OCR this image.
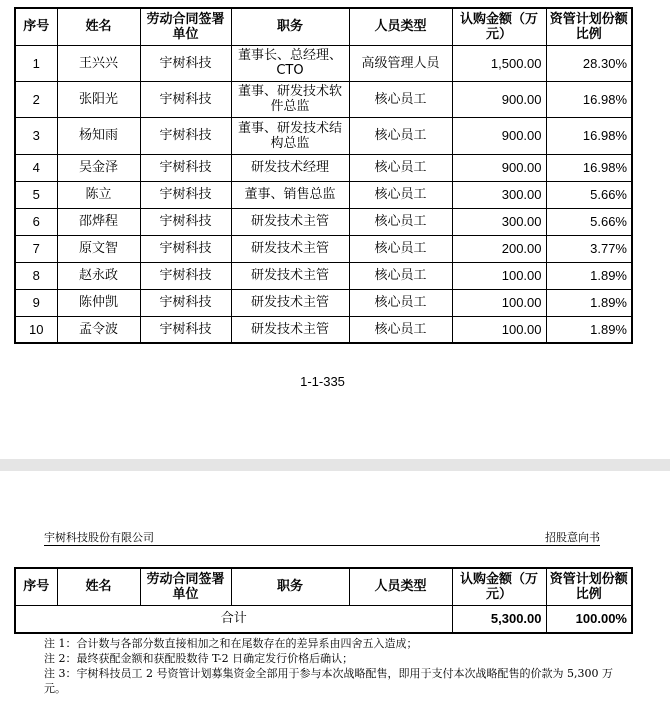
序号	姓名	劳动合同签署单位	职务	人员类型	认购金额（万元）	资管计划份额比例
1	王兴兴	宇树科技	董事长、总经理、CTO	高级管理人员	1,500.00	28.30%
2	张阳光	宇树科技	董事、研发技术软件总监	核心员工	900.00	16.98%
3	杨知雨	宇树科技	董事、研发技术结构总监	核心员工	900.00	16.98%
4	吴金泽	宇树科技	研发技术经理	核心员工	900.00	16.98%
5	陈立	宇树科技	董事、销售总监	核心员工	300.00	5.66%
6	邵烨程	宇树科技	研发技术主管	核心员工	300.00	5.66%
7	原文智	宇树科技	研发技术主管	核心员工	200.00	3.77%
8	赵永政	宇树科技	研发技术主管	核心员工	100.00	1.89%
9	陈仲凯	宇树科技	研发技术主管	核心员工	100.00	1.89%
10	孟令波	宇树科技	研发技术主管	核心员工	100.00	1.89%
1-1-335
宇树科技股份有限公司	招股意向书
序号	姓名	劳动合同签署单位	职务	人员类型	认购金额（万元）	资管计划份额比例
合计					5,300.00	100.00%

注 1：合计数与各部分数直接相加之和在尾数存在的差异系由四舍五入造成；

注 2：最终获配金额和获配股数待 T-2 日确定发行价格后确认；

注 3：宇树科技员工 2 号资管计划募集资金全部用于参与本次战略配售，即用于支付本次战略配售的价款为 5,300 万元。
